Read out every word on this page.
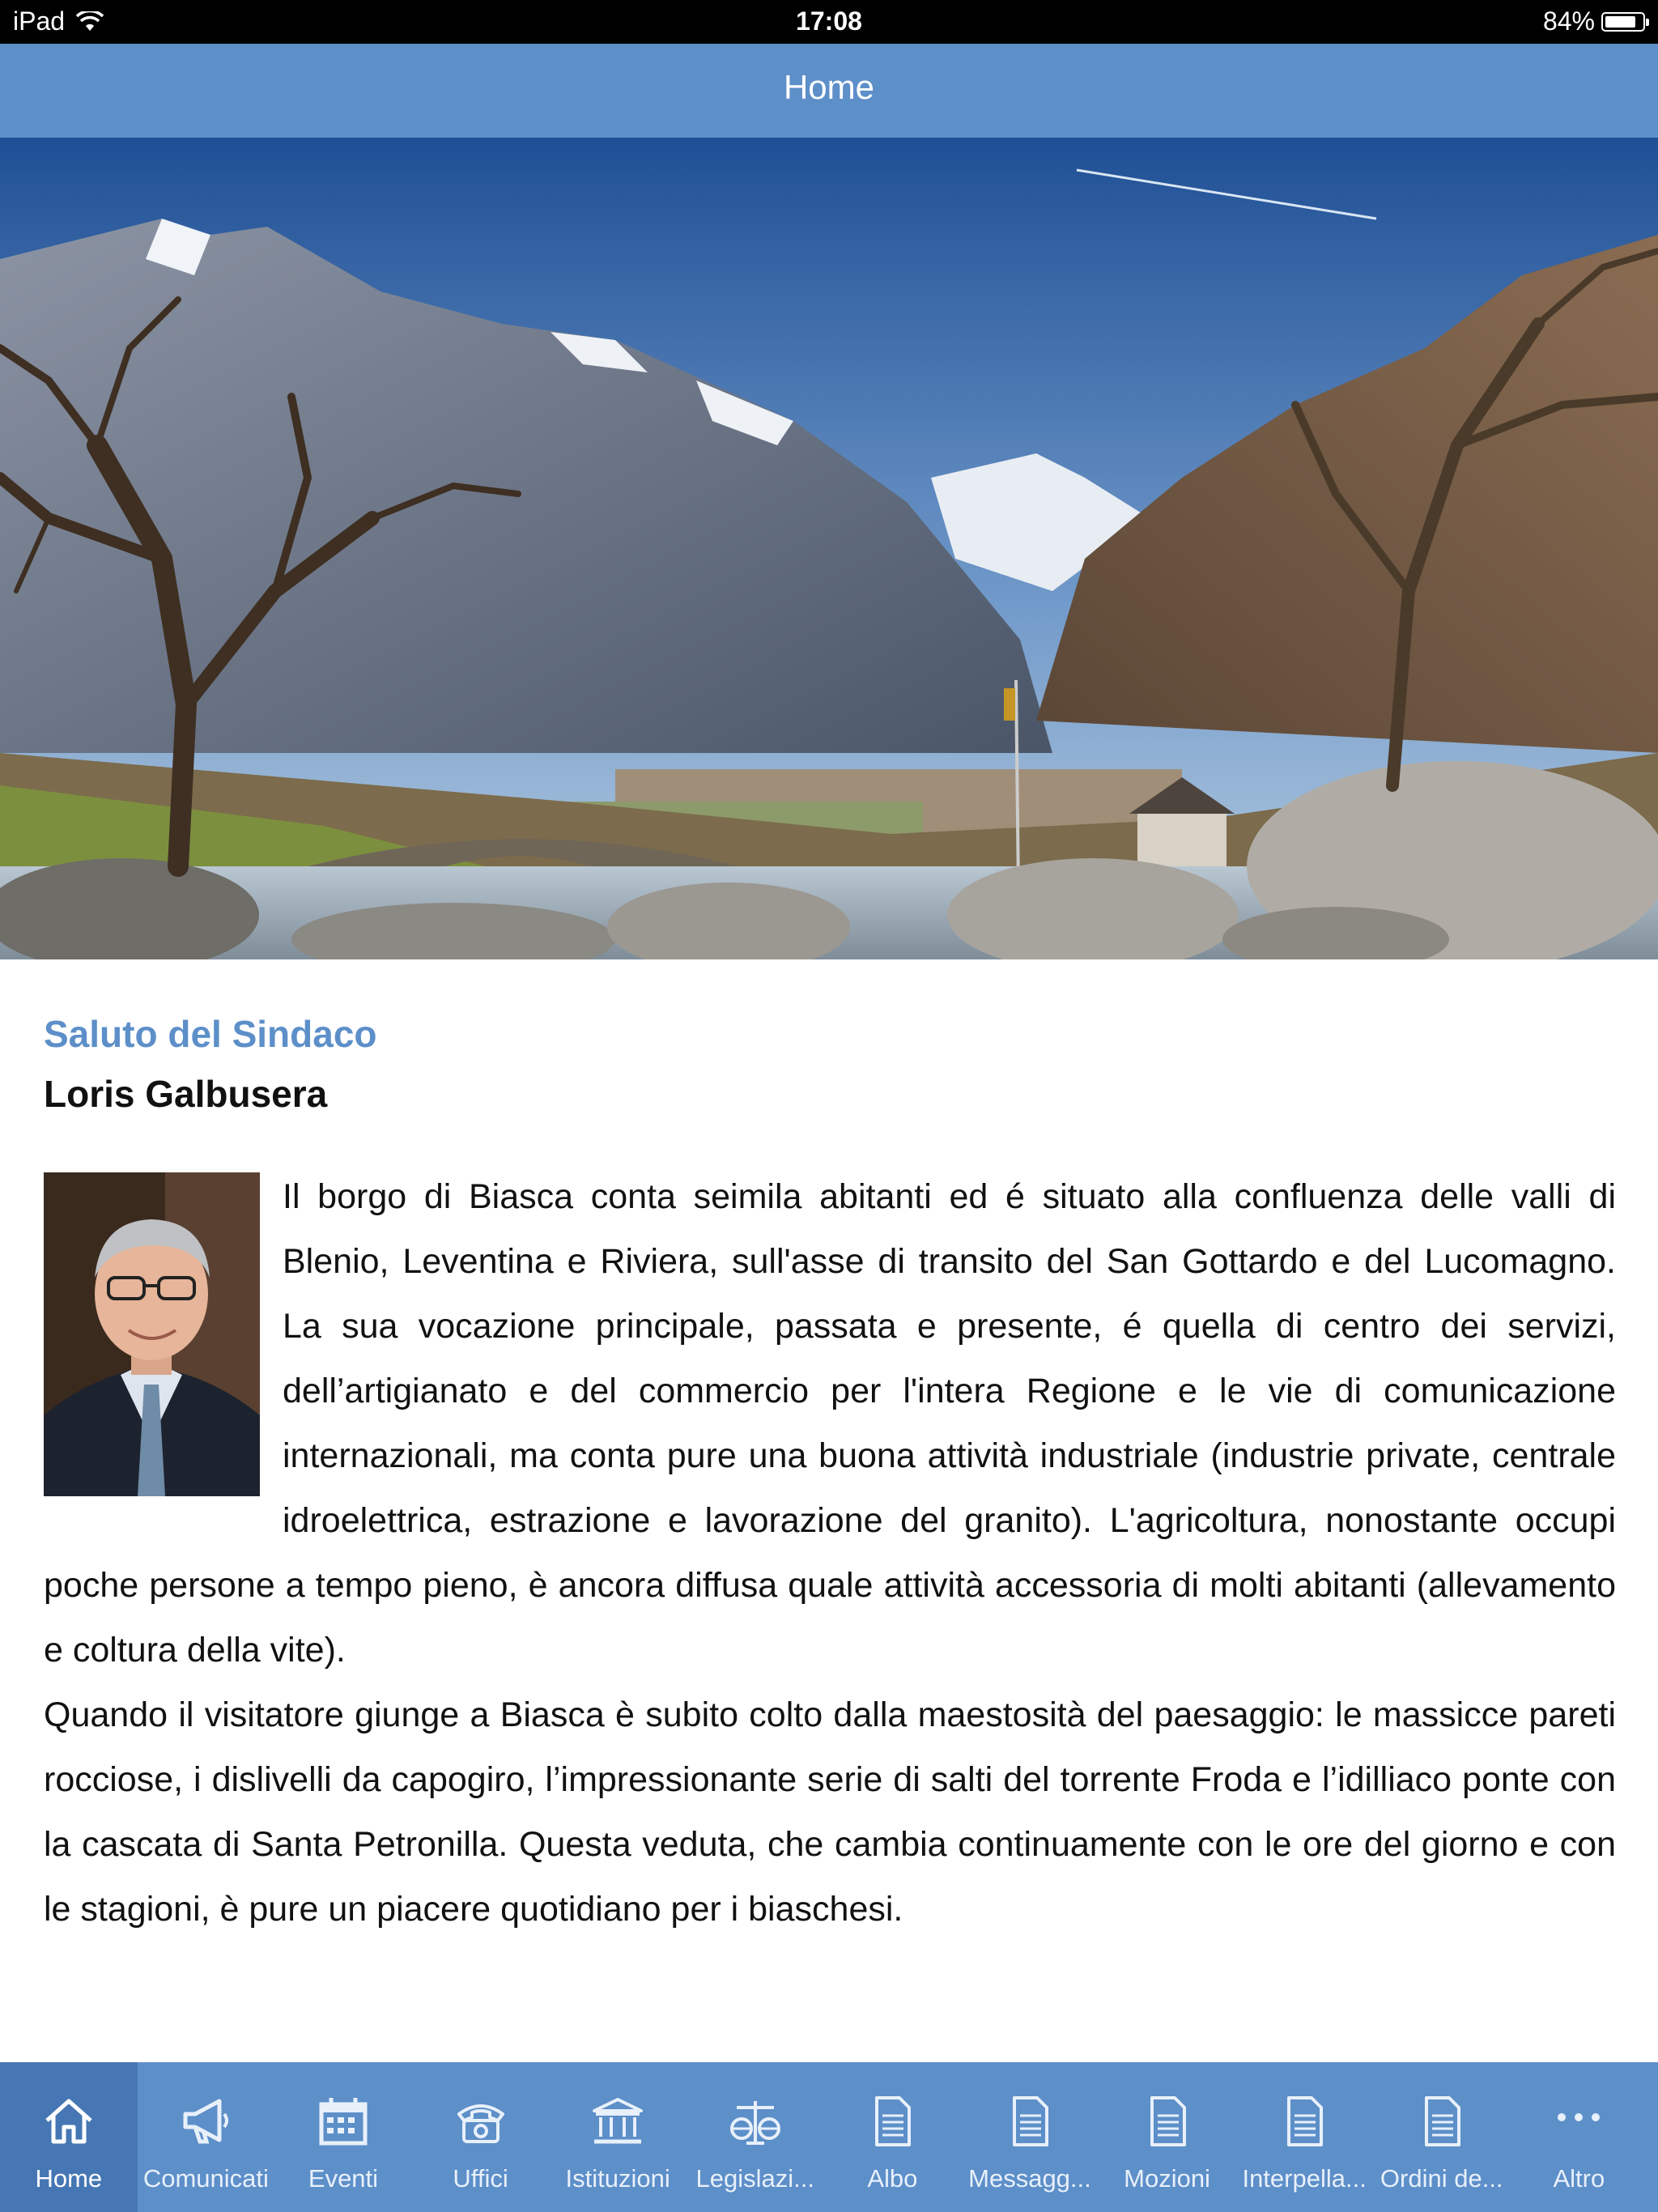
iPad	17:08	84%
Home
Saluto del Sindaco
Loris Galbusera

Il borgo di Biasca conta seimila abitanti ed é situato alla confluenza delle valli di Blenio, Leventina e Riviera, sull'asse di transito del San Gottardo e del Lucomagno. La sua vocazione principale, passata e presente, é quella di centro dei servizi, dell’artigianato e del commercio per l'intera Regione e le vie di comunicazione internazionali, ma conta pure una buona attività industriale (industrie private, centrale idroelettrica, estrazione e lavorazione del granito). L'agricoltura, nonostante occupi poche persone a tempo pieno, è ancora diffusa quale attività accessoria di molti abitanti (allevamento e coltura della vite).

Quando il visitatore giunge a Biasca è subito colto dalla maestosità del paesaggio: le massicce pareti rocciose, i dislivelli da capogiro, l’impressionante serie di salti del torrente Froda e l’idilliaco ponte con la cascata di Santa Petronilla. Questa veduta, che cambia continuamente con le ore del giorno e con le stagioni, è pure un piacere quotidiano per i biaschesi.

Home	Comunicati	Eventi	Uffici	Istituzioni	Legislazi...	Albo	Messagg...	Mozioni	Interpella... Ordini de...	Altro
